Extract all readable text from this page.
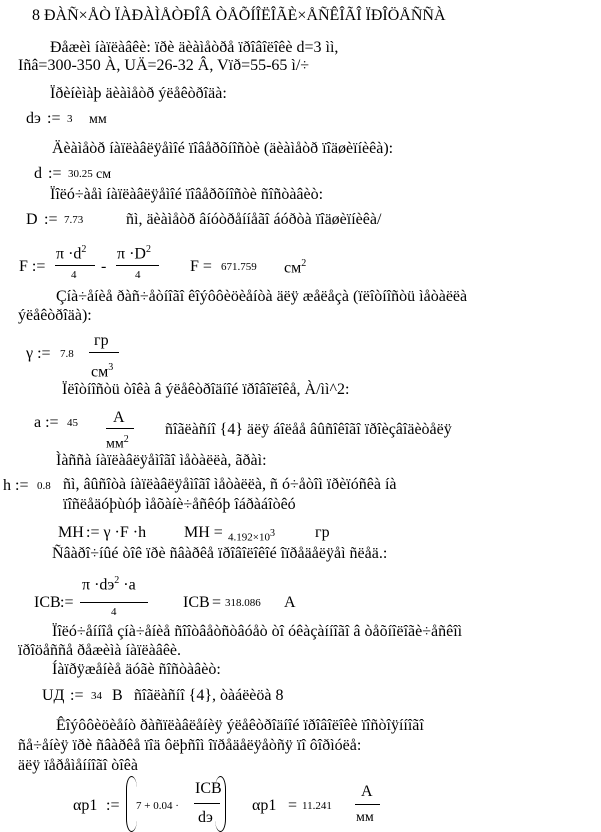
8 ÐÀÑ×ÅÒ ÏÀÐÀÌÅÒÐÎÂ ÒÅÕÍÎËÎÃÈ×ÅÑÊÎÃÎ ÏÐÎÖÅÑÑÀ
Ðåæèì íàïëàâêè: ïðè äèàìåòðå ïðîâîëîêè d=3 ìì,
Iñâ=300-350 À, UÄ=26-32 Â, Vïð=55-65 ì/÷
Ïðèíèìàþ äèàìåòð ýëåêòðîäà:
dэ := 3 мм
Äèàìåòð íàïëàâëÿåìîé ïîâåðõíîñòè (äèàìåòð ïîäøèïíèêà):
d := 30.25 см
Ïîëó÷àåì íàïëàâëÿåìîé ïîâåðõíîñòè ñîñòàâèò:
D := 7.73	ñì, äèàìåòð âíóòðåííåãî áóðòà ïîäøèïíèêà/
F :=
$\pi \cdot d^2$
4 -
$\pi \cdot D^2$
4	F = 671.759 $см^2$
Çíà÷åíèå ðàñ÷åòíîãî êîýôôèöèåíòà äëÿ æåëåçà (ïëîòíîñòü ìåòàëëà
ýëåêòðîäà):
γ := 7.8
гр
$см^3$
Ïëîòíîñòü òîêà â ýëåêòðîäíîé ïðîâîëîêå, À/ìì^2:
a := 45 A
$мм^2$
ñîãëàñíî {4} äëÿ áîëåå âûñîêîãî ïðîèçâîäèòåëÿ
Ìàññà íàïëàâëÿåìîãî ìåòàëëà, ãðàì:
h := 0.8 ñì, âûñîòà íàïëàâëÿåìîãî ìåòàëëà, ñ ó÷åòîì ïðèïóñêà íà
ïîñëåäóþùóþ ìåõàíè÷åñêóþ îáðàáîòêó
MН := γ ·F ·h MН = $4.192\times 10^3$	гр
Ñâàðî÷íûé òîê ïðè ñâàðêå ïðîâîëîêîé îïðåäåëÿåì ñëåä.:
IСВ :=
$\pi \cdot dэ^2 \cdot a$
4
IСВ = 318.086 A
Ïîëó÷åííîå çíà÷åíèå ñîîòâåòñòâóåò òî óêàçàííîãî â òåõíîëîãè÷åñêîì
ïðîöåññå ðåæèìà íàïëàâêè.
Íàïðÿæåíèå äóãè ñîñòàâèò:
UД := 34 B ñîãëàñíî {4}, òàáëèöà 8
Êîýôôèöèåíò ðàñïëàâëåíèÿ ýëåêòðîäíîé ïðîâîëîêè ïîñòîÿííîãî
ñå÷åíèÿ ïðè ñâàðêå ïîä ôëþñîì îïðåäåëÿåòñÿ ïî ôîðìóëå:
äëÿ ïåðåìåííîãî òîêà
αp1 := 7 + 0.04 ·
IСВ
dэ
αp1 = 11.241
A
мм
